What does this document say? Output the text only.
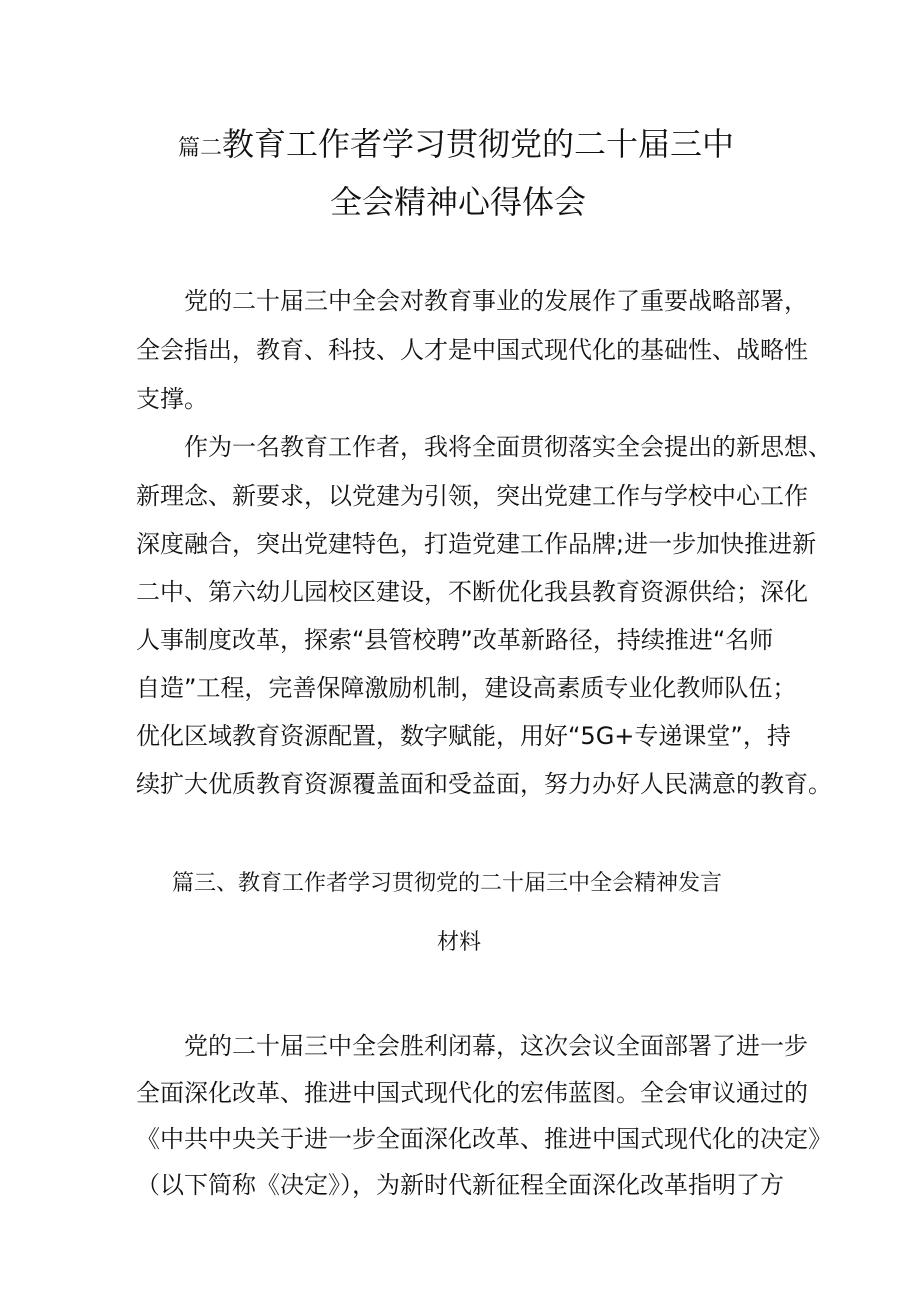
篇二教育工作者学习贯彻党的二十届三中
全会精神心得体会
党的二十届三中全会对教育事业的发展作了重要战略部署，
全会指出，教育、科技、人才是中国式现代化的基础性、战略性
支撑。
作为一名教育工作者，我将全面贯彻落实全会提出的新思想、
新理念、新要求，以党建为引领，突出党建工作与学校中心工作
深度融合，突出党建特色，打造党建工作品牌;进一步加快推进新
二中、第六幼儿园校区建设，不断优化我县教育资源供给；深化
人事制度改革，探索“县管校聘”改革新路径，持续推进“名师
自造”工程，完善保障激励机制，建设高素质专业化教师队伍；
优化区域教育资源配置，数字赋能，用好“5G+专递课堂”，持
续扩大优质教育资源覆盖面和受益面，努力办好人民满意的教育。
篇三、教育工作者学习贯彻党的二十届三中全会精神发言
材料
党的二十届三中全会胜利闭幕，这次会议全面部署了进一步
全面深化改革、推进中国式现代化的宏伟蓝图。全会审议通过的
《中共中央关于进一步全面深化改革、推进中国式现代化的决定》
（以下简称《决定》），为新时代新征程全面深化改革指明了方
